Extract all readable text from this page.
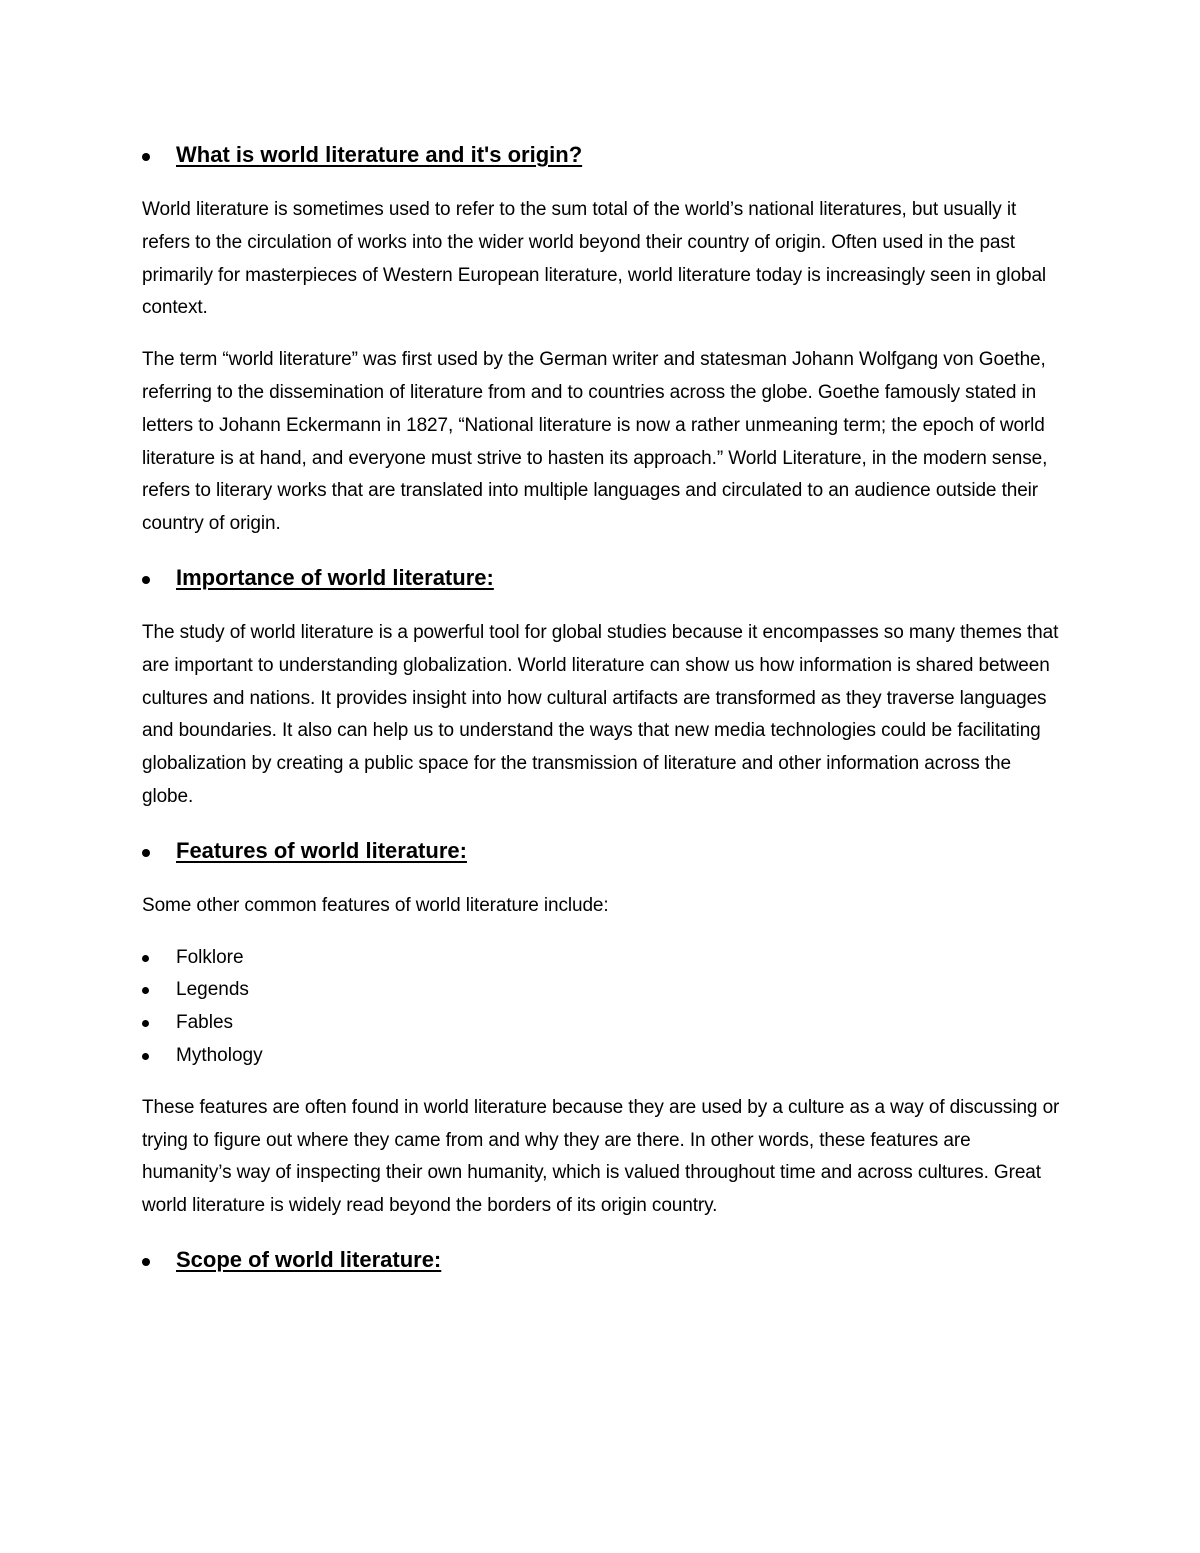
What is world literature and it's origin?

World literature is sometimes used to refer to the sum total of the world’s national literatures, but usually it refers to the circulation of works into the wider world beyond their country of origin. Often used in the past primarily for masterpieces of Western European literature, world literature today is increasingly seen in global context.

The term “world literature” was first used by the German writer and statesman Johann Wolfgang von Goethe, referring to the dissemination of literature from and to countries across the globe. Goethe famously stated in letters to Johann Eckermann in 1827, “National literature is now a rather unmeaning term; the epoch of world literature is at hand, and everyone must strive to hasten its approach.” World Literature, in the modern sense, refers to literary works that are translated into multiple languages and circulated to an audience outside their country of origin.

Importance of world literature:

The study of world literature is a powerful tool for global studies because it encompasses so many themes that are important to understanding globalization. World literature can show us how information is shared between cultures and nations. It provides insight into how cultural artifacts are transformed as they traverse languages and boundaries. It also can help us to understand the ways that new media technologies could be facilitating globalization by creating a public space for the transmission of literature and other information across the globe.

Features of world literature:

Some other common features of world literature include:

Folklore
Legends
Fables
Mythology

These features are often found in world literature because they are used by a culture as a way of discussing or trying to figure out where they came from and why they are there. In other words, these features are humanity’s way of inspecting their own humanity, which is valued throughout time and across cultures. Great world literature is widely read beyond the borders of its origin country.

Scope of world literature:
